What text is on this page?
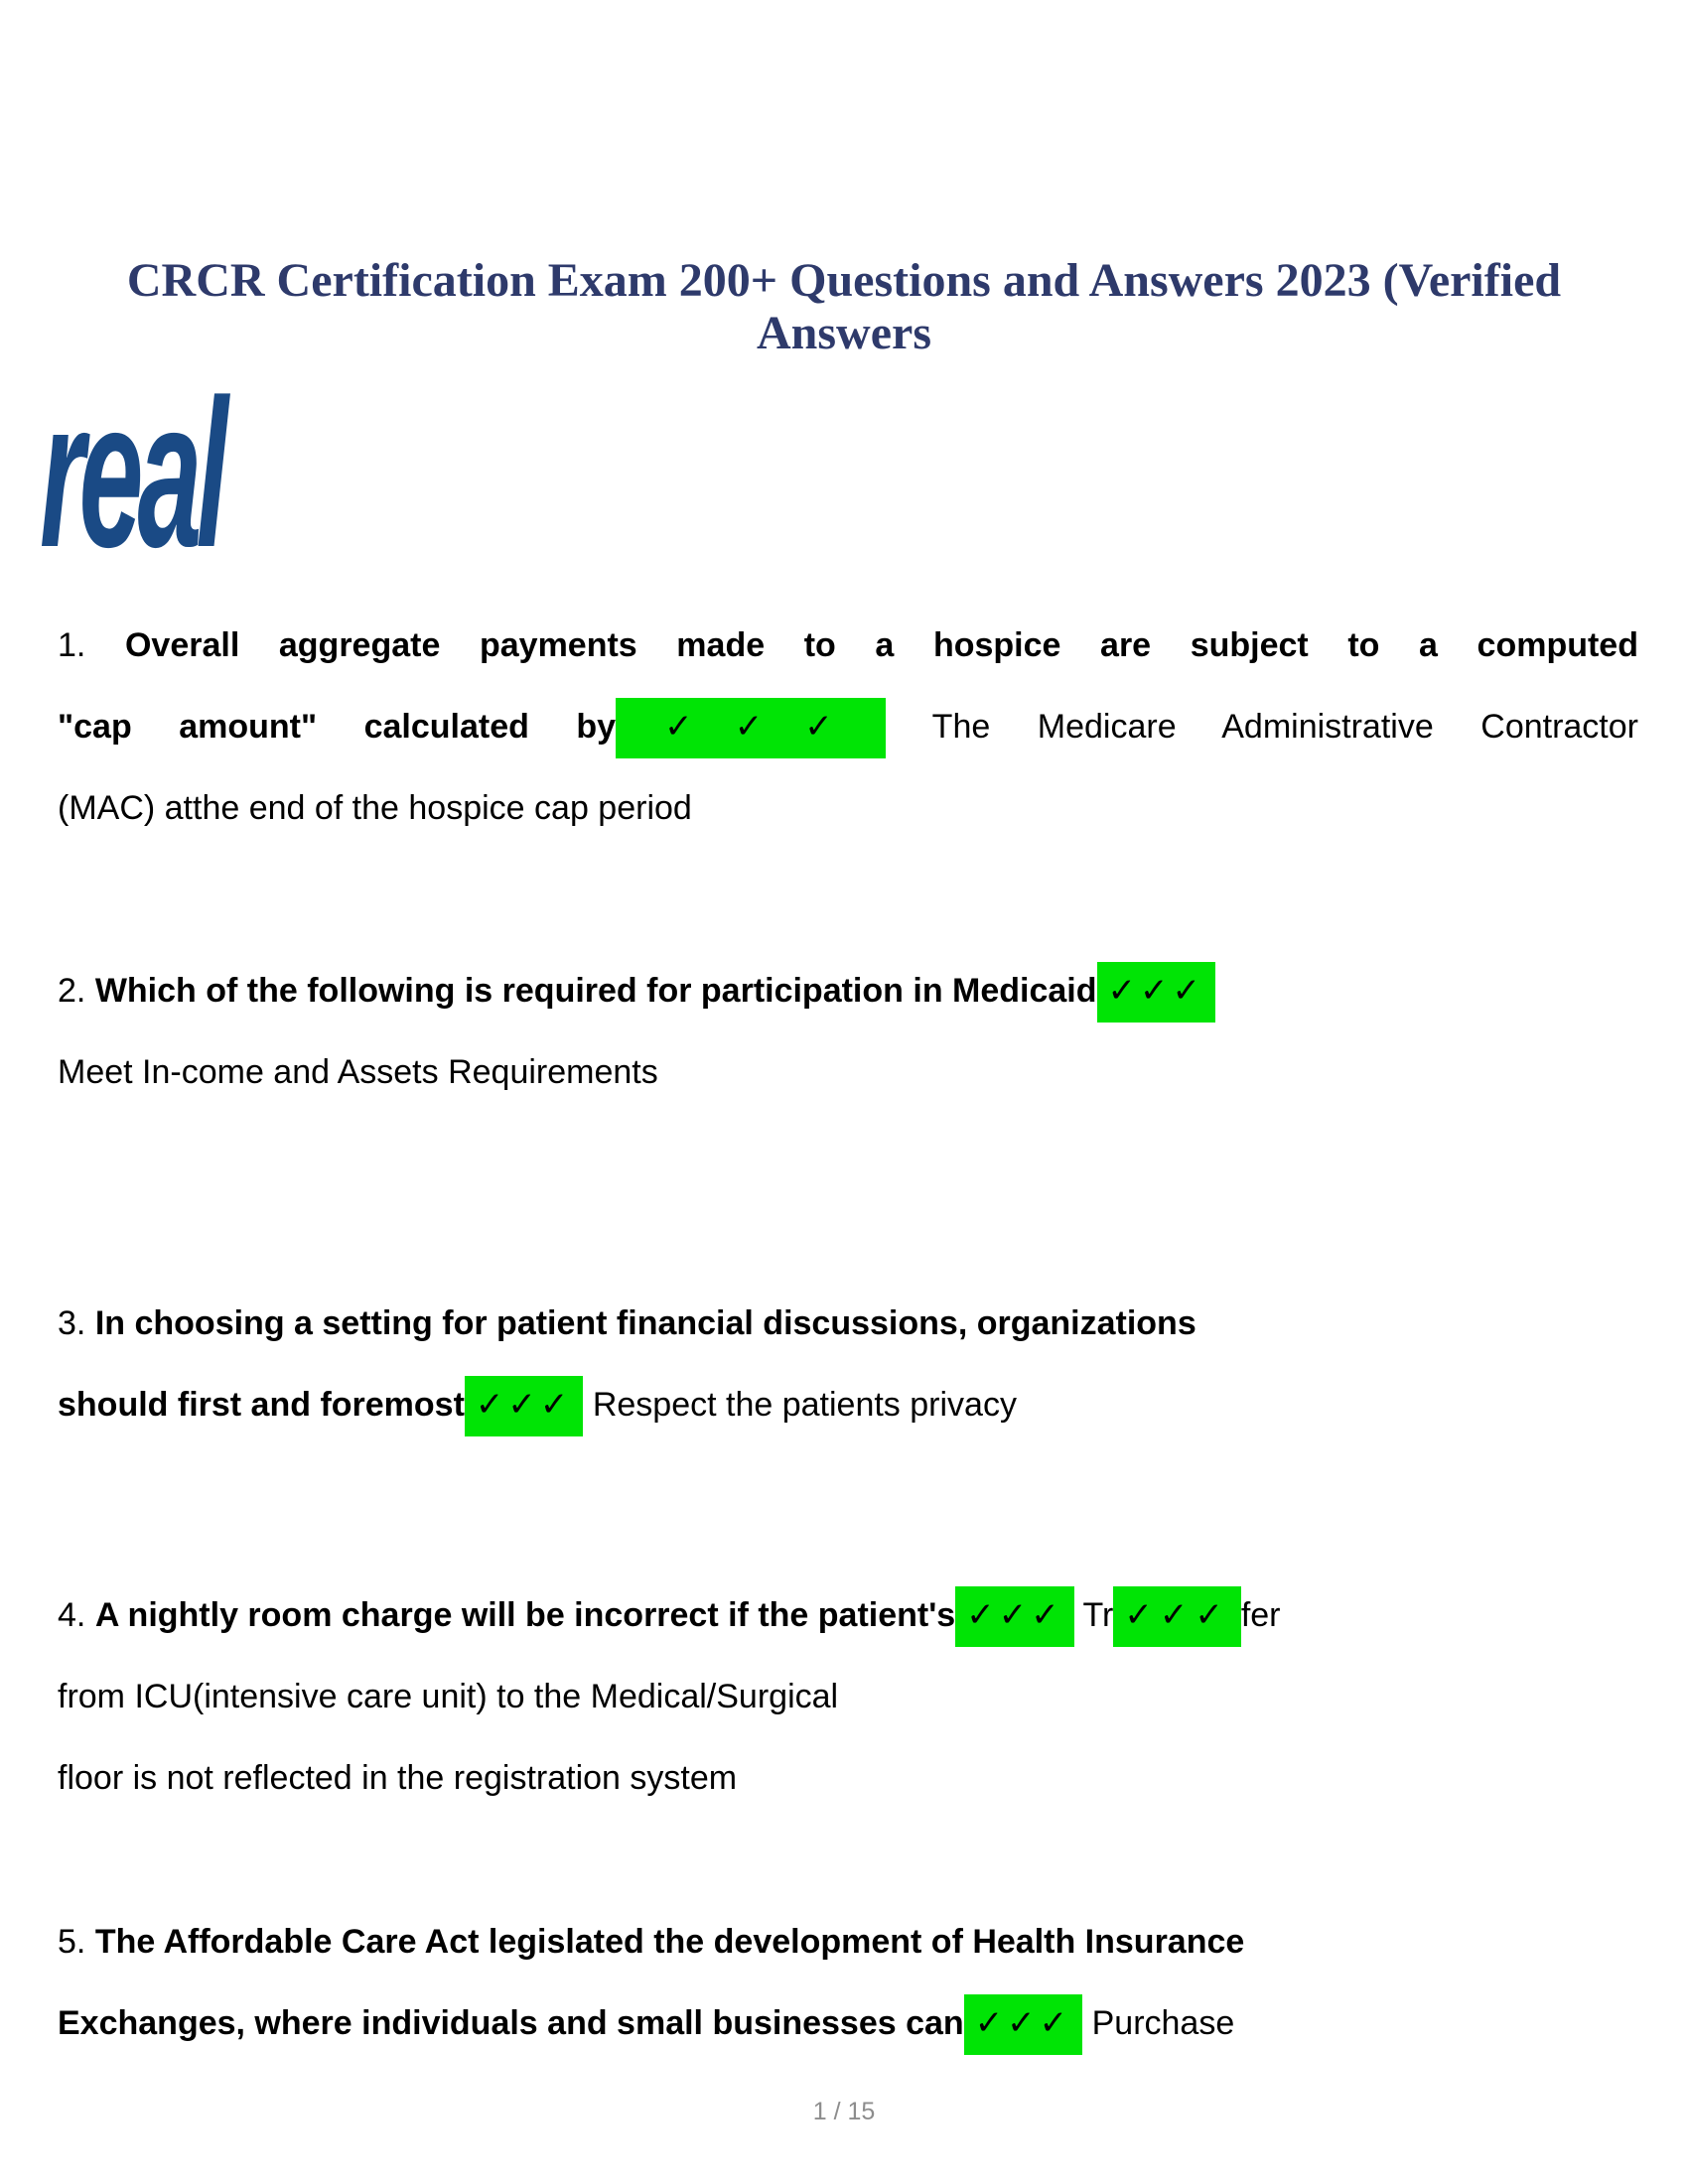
CRCR Certification Exam 200+ Questions and Answers 2023 (Verified
Answers
real
1. Overall aggregate payments made to a hospice are subject to a computed
"cap amount" calculated by ✓✓✓ The Medicare Administrative Contractor
(MAC) atthe end of the hospice cap period
2. Which of the following is required for participation in Medicaid ✓✓✓
Meet In-come and Assets Requirements
3. In choosing a setting for patient financial discussions, organizations
should first and foremost ✓✓✓ Respect the patients privacy
4. A nightly room charge will be incorrect if the patient's ✓✓✓ Tr ✓✓✓ fer
from ICU(intensive care unit) to the Medical/Surgical
floor is not reflected in the registration system
5. The Affordable Care Act legislated the development of Health Insurance
Exchanges, where individuals and small businesses can ✓✓✓ Purchase
1 / 15
